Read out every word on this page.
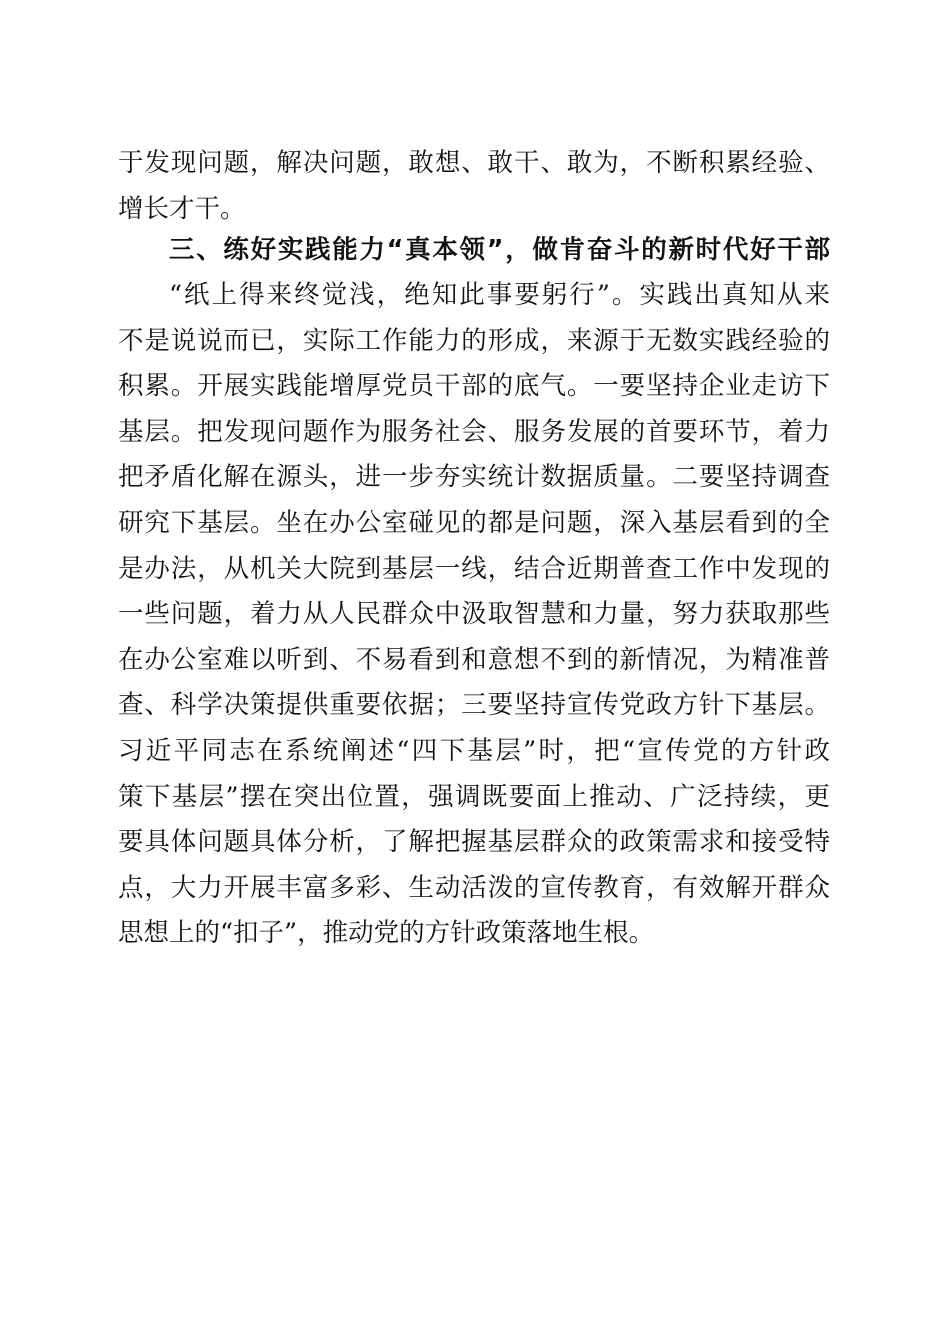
于发现问题，解决问题，敢想、敢干、敢为，不断积累经验、
增长才干。
三、练好实践能力“真本领”，做肯奋斗的新时代好干部
“纸上得来终觉浅，绝知此事要躬行”。实践出真知从来
不是说说而已，实际工作能力的形成，来源于无数实践经验的
积累。开展实践能增厚党员干部的底气。一要坚持企业走访下
基层。把发现问题作为服务社会、服务发展的首要环节，着力
把矛盾化解在源头，进一步夯实统计数据质量。二要坚持调查
研究下基层。坐在办公室碰见的都是问题，深入基层看到的全
是办法，从机关大院到基层一线，结合近期普查工作中发现的
一些问题，着力从人民群众中汲取智慧和力量，努力获取那些
在办公室难以听到、不易看到和意想不到的新情况，为精准普
查、科学决策提供重要依据；三要坚持宣传党政方针下基层。
习近平同志在系统阐述“四下基层”时，把“宣传党的方针政
策下基层”摆在突出位置，强调既要面上推动、广泛持续，更
要具体问题具体分析，了解把握基层群众的政策需求和接受特
点，大力开展丰富多彩、生动活泼的宣传教育，有效解开群众
思想上的“扣子”，推动党的方针政策落地生根。
